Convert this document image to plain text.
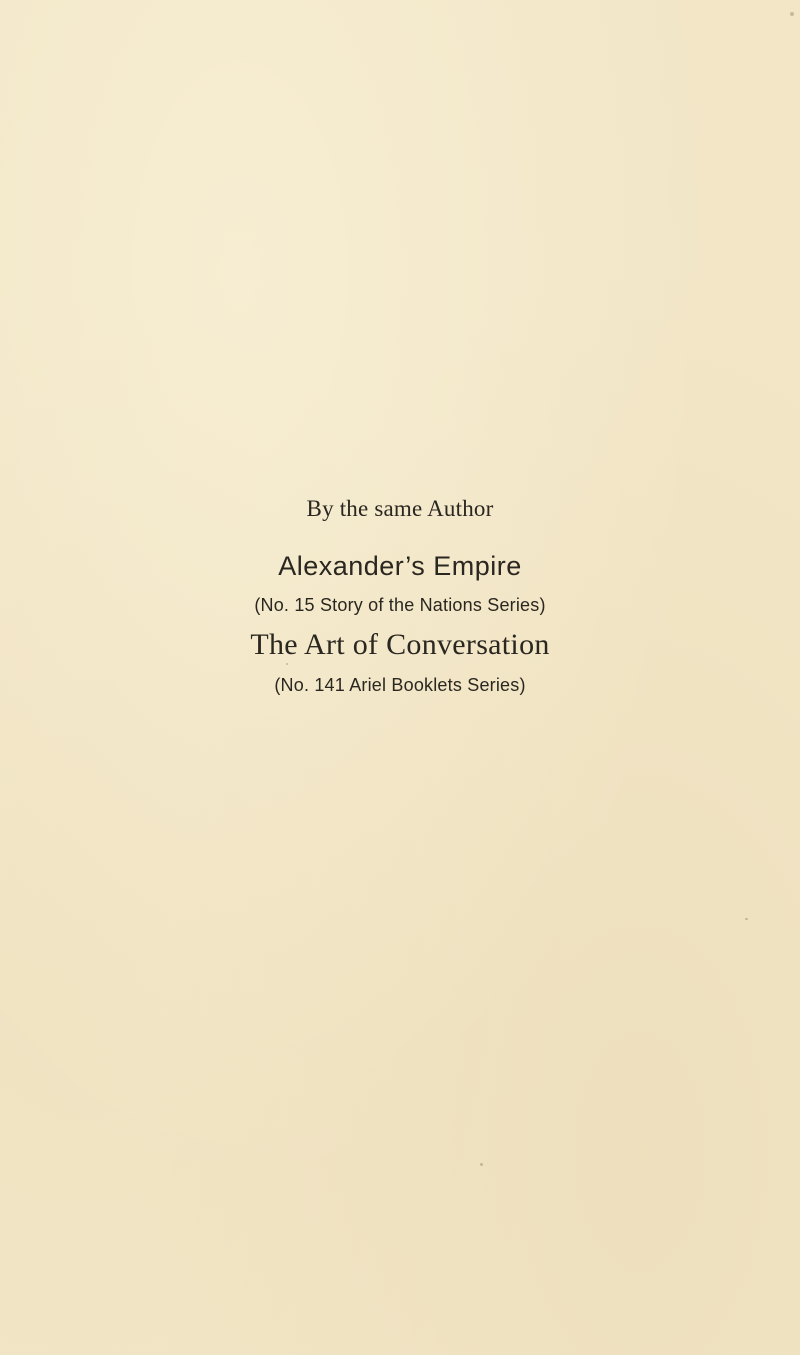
By the same Author
Alexander’s Empire
(No. 15 Story of the Nations Series)
The Art of Conversation
(No. 141 Ariel Booklets Series)
